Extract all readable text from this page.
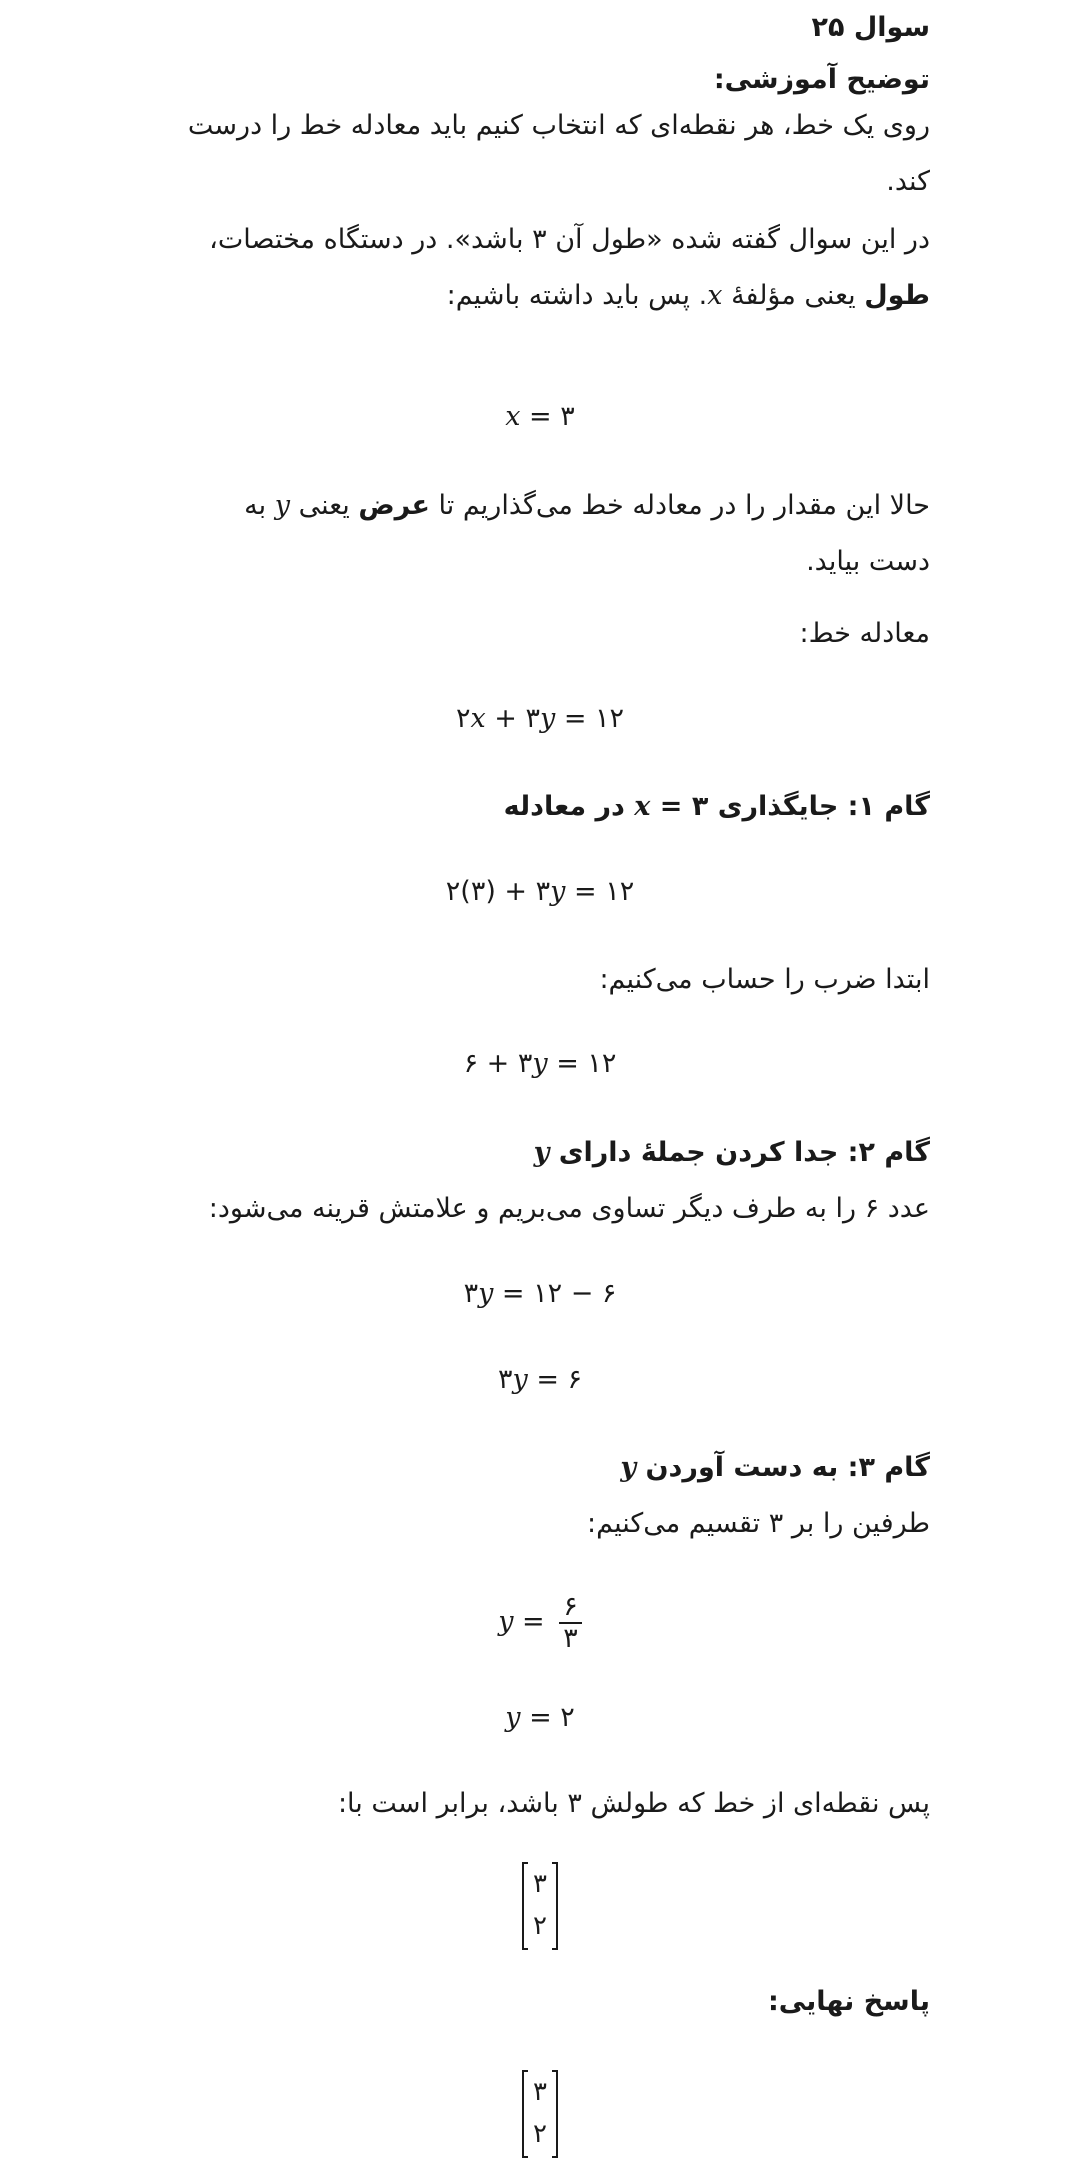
سوال ۲۵
توضیح آموزشی:
روی یک خط، هر نقطه‌ای که انتخاب کنیم باید معادله خط را درست
کند.
در این سوال گفته شده «طول آن ۳ باشد». در دستگاه مختصات،
طول یعنی مؤلفهٔ x. پس باید داشته باشیم:
x = ۳
حالا این مقدار را در معادله خط می‌گذاریم تا عرض یعنی y به
دست بیاید.
معادله خط:
۲x + ۳y = ۱۲
گام ۱: جایگذاری x = ۳ در معادله
۲(۳) + ۳y = ۱۲
ابتدا ضرب را حساب می‌کنیم:
۶ + ۳y = ۱۲
گام ۲: جدا کردن جملهٔ دارای y
عدد ۶ را به طرف دیگر تساوی می‌بریم و علامتش قرینه می‌شود:
۳y = ۱۲ − ۶
۳y = ۶
گام ۳: به دست آوردن y
طرفین را بر ۳ تقسیم می‌کنیم:
$y = \frac{۶}{۳}$
y = ۲
پس نقطه‌ای از خط که طولش ۳ باشد، برابر است با:
۳
۲
پاسخ نهایی:
۳
۲
